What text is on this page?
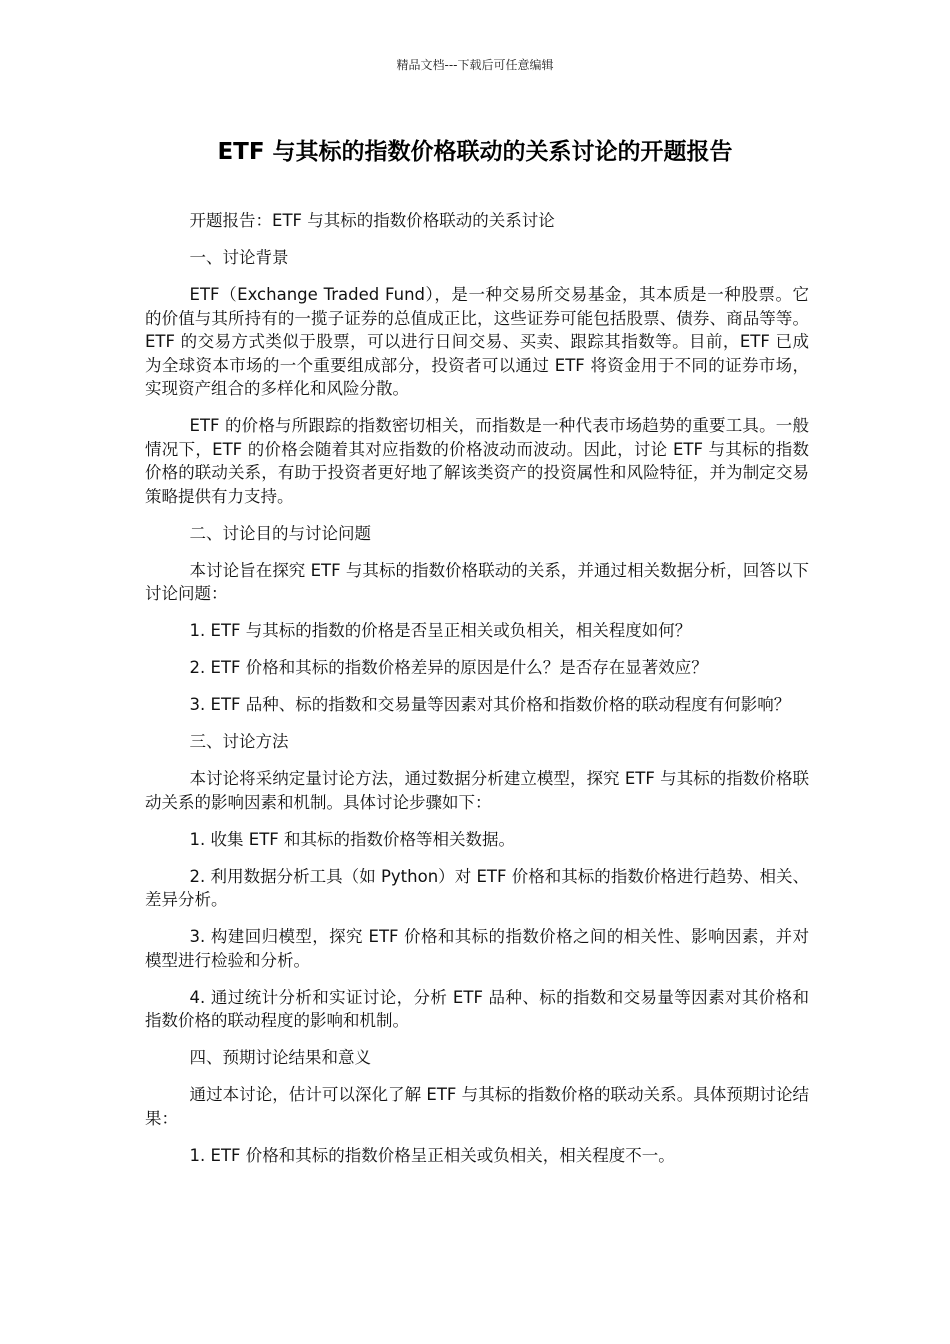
精品文档---下载后可任意编辑
ETF 与其标的指数价格联动的关系讨论的开题报告

开题报告：ETF 与其标的指数价格联动的关系讨论

一、讨论背景

ETF（Exchange Traded Fund），是一种交易所交易基金，其本质是一种股票。它的价值与其所持有的一揽子证券的总值成正比，这些证券可能包括股票、债券、商品等等。ETF 的交易方式类似于股票，可以进行日间交易、买卖、跟踪其指数等。目前，ETF 已成为全球资本市场的一个重要组成部分，投资者可以通过 ETF 将资金用于不同的证券市场，实现资产组合的多样化和风险分散。

ETF 的价格与所跟踪的指数密切相关，而指数是一种代表市场趋势的重要工具。一般情况下，ETF 的价格会随着其对应指数的价格波动而波动。因此，讨论 ETF 与其标的指数价格的联动关系，有助于投资者更好地了解该类资产的投资属性和风险特征，并为制定交易策略提供有力支持。

二、讨论目的与讨论问题

本讨论旨在探究 ETF 与其标的指数价格联动的关系，并通过相关数据分析，回答以下讨论问题：

1. ETF 与其标的指数的价格是否呈正相关或负相关，相关程度如何？

2. ETF 价格和其标的指数价格差异的原因是什么？是否存在显著效应？

3. ETF 品种、标的指数和交易量等因素对其价格和指数价格的联动程度有何影响？

三、讨论方法

本讨论将采纳定量讨论方法，通过数据分析建立模型，探究 ETF 与其标的指数价格联动关系的影响因素和机制。具体讨论步骤如下：

1. 收集 ETF 和其标的指数价格等相关数据。

2. 利用数据分析工具（如 Python）对 ETF 价格和其标的指数价格进行趋势、相关、差异分析。

3. 构建回归模型，探究 ETF 价格和其标的指数价格之间的相关性、影响因素，并对模型进行检验和分析。

4. 通过统计分析和实证讨论，分析 ETF 品种、标的指数和交易量等因素对其价格和指数价格的联动程度的影响和机制。

四、预期讨论结果和意义

通过本讨论，估计可以深化了解 ETF 与其标的指数价格的联动关系。具体预期讨论结果：

1. ETF 价格和其标的指数价格呈正相关或负相关，相关程度不一。
